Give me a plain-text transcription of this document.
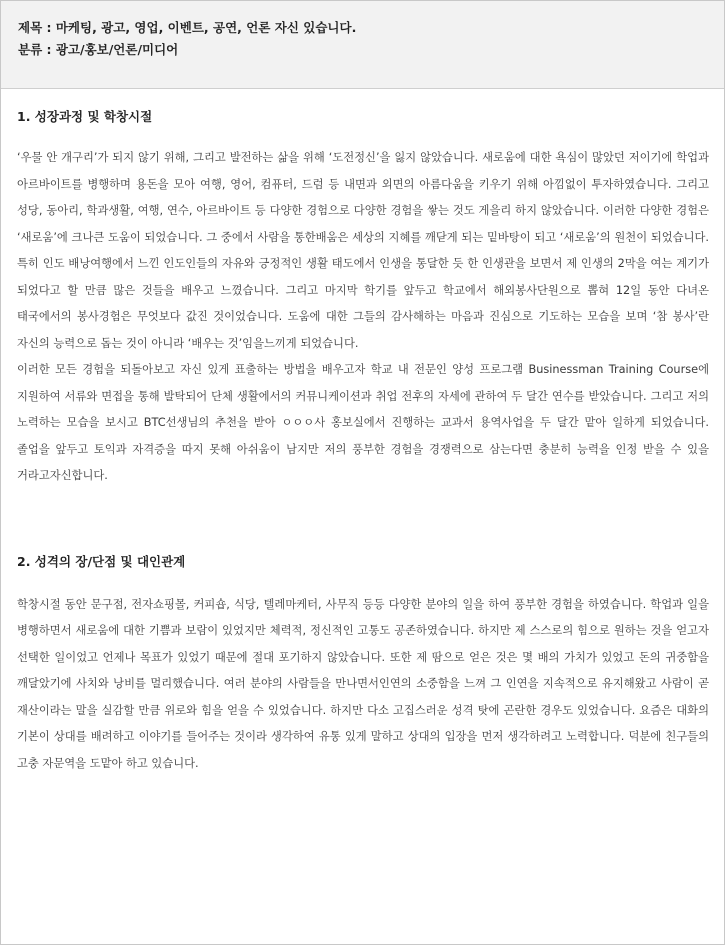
제목 : 마케팅, 광고, 영업, 이벤트, 공연, 언론 자신 있습니다.
분류 : 광고/홍보/언론/미디어
1. 성장과정 및 학창시절

‘우물 안 개구리’가 되지 않기 위해, 그리고 발전하는 삶을 위해 ‘도전정신’을 잃지 않았습니다. 새로움에 대한 욕심이 많았던 저이기에 학업과 아르바이트를 병행하며 용돈을 모아 여행, 영어, 컴퓨터, 드럼 등 내면과 외면의 아름다움을 키우기 위해 아낌없이 투자하였습니다. 그리고 성당, 동아리, 학과생활, 여행, 연수, 아르바이트 등 다양한 경험으로 다양한 경험을 쌓는 것도 게을리 하지 않았습니다. 이러한 다양한 경험은 ‘새로움’에 크나큰 도움이 되었습니다. 그 중에서 사람을 통한배움은 세상의 지혜를 깨닫게 되는 밑바탕이 되고 ‘새로움’의 원천이 되었습니다. 특히 인도 배낭여행에서 느낀 인도인들의 자유와 긍정적인 생활 태도에서 인생을 통달한 듯 한 인생관을 보면서 제 인생의 2막을 여는 계기가 되었다고 할 만큼 많은 것들을 배우고 느꼈습니다. 그리고 마지막 학기를 앞두고 학교에서 해외봉사단원으로 뽑혀 12일 동안 다녀온 태국에서의 봉사경험은 무엇보다 값진 것이었습니다. 도움에 대한 그들의 감사해하는 마음과 진심으로 기도하는 모습을 보며 ‘참 봉사’란 자신의 능력으로 돕는 것이 아니라 ‘배우는 것’임을느끼게 되었습니다.

이러한 모든 경험을 되돌아보고 자신 있게 표출하는 방법을 배우고자 학교 내 전문인 양성 프로그램 Businessman Training Course에 지원하여 서류와 면접을 통해 발탁되어 단체 생활에서의 커뮤니케이션과 취업 전후의 자세에 관하여 두 달간 연수를 받았습니다. 그리고 저의 노력하는 모습을 보시고 BTC선생님의 추천을 받아 ㅇㅇㅇ사 홍보실에서 진행하는 교과서 용역사업을 두 달간 맡아 일하게 되었습니다. 졸업을 앞두고 토익과 자격증을 따지 못해 아쉬움이 남지만 저의 풍부한 경험을 경쟁력으로 삼는다면 충분히 능력을 인정 받을 수 있을 거라고자신합니다.

2. 성격의 장/단점 및 대인관계

학창시절 동안 문구점, 전자쇼핑몰, 커피숍, 식당, 텔레마케터, 사무직 등등 다양한 분야의 일을 하여 풍부한 경험을 하였습니다. 학업과 일을 병행하면서 새로움에 대한 기쁨과 보람이 있었지만 체력적, 정신적인 고통도 공존하였습니다. 하지만 제 스스로의 힘으로 원하는 것을 얻고자 선택한 일이었고 언제나 목표가 있었기 때문에 절대 포기하지 않았습니다. 또한 제 땀으로 얻은 것은 몇 배의 가치가 있었고 돈의 귀중함을 깨달았기에 사치와 낭비를 멀리했습니다. 여러 분야의 사람들을 만나면서인연의 소중함을 느껴 그 인연을 지속적으로 유지해왔고 사람이 곧 재산이라는 말을 실감할 만큼 위로와 힘을 얻을 수 있었습니다. 하지만 다소 고집스러운 성격 탓에 곤란한 경우도 있었습니다. 요즘은 대화의 기본이 상대를 배려하고 이야기를 들어주는 것이라 생각하여 유통 있게 말하고 상대의 입장을 먼저 생각하려고 노력합니다. 덕분에 친구들의 고충 자문역을 도맡아 하고 있습니다.
